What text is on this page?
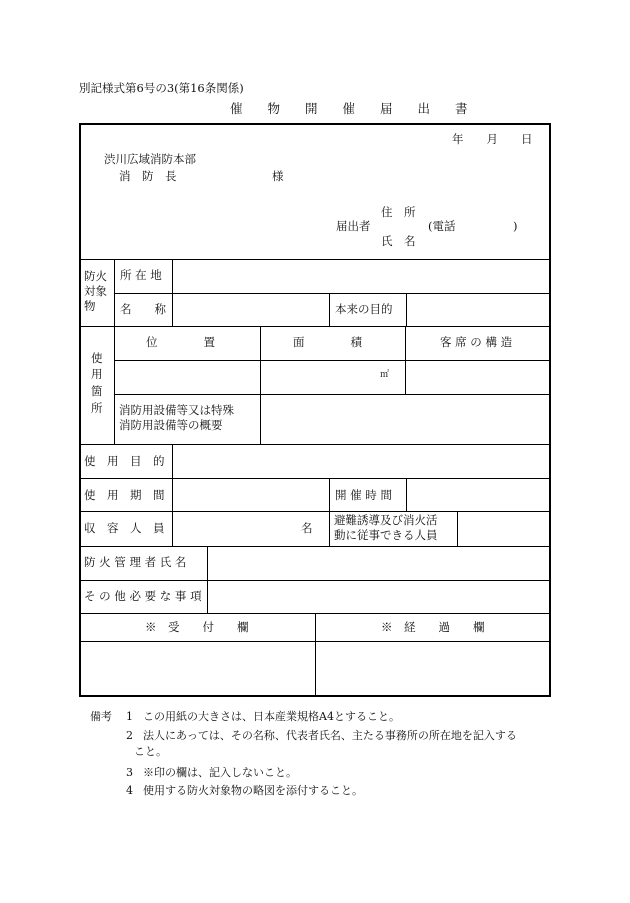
別記様式第6号の3(第16条関係)
催　　物　　開　　催　　届　　出　　書
年　　月　　日
渋川広域消防本部
消　防　長	様
住　所
届出者	(電話　　　　　)
氏　名
防火
対象
物
所 在 地
名　　称	本来の目的
使
用
箇
所
位　　　　置	面　　　　積	客 席 の 構 造
㎡
消防用設備等又は特殊
消防用設備等の概要
使　用　目　的
使　用　期　間	開 催 時 間
収　容　人　員	名
避難誘導及び消火活
動に従事できる人員
防 火 管 理 者 氏 名
そ の 他 必 要 な 事 項
※　受　　付　　欄	※　経　　過　　欄
備考 1 この用紙の大きさは、日本産業規格A4とすること。
2 法人にあっては、その名称、代表者氏名、主たる事務所の所在地を記入する
こと。
3 ※印の欄は、記入しないこと。
4 使用する防火対象物の略図を添付すること。
